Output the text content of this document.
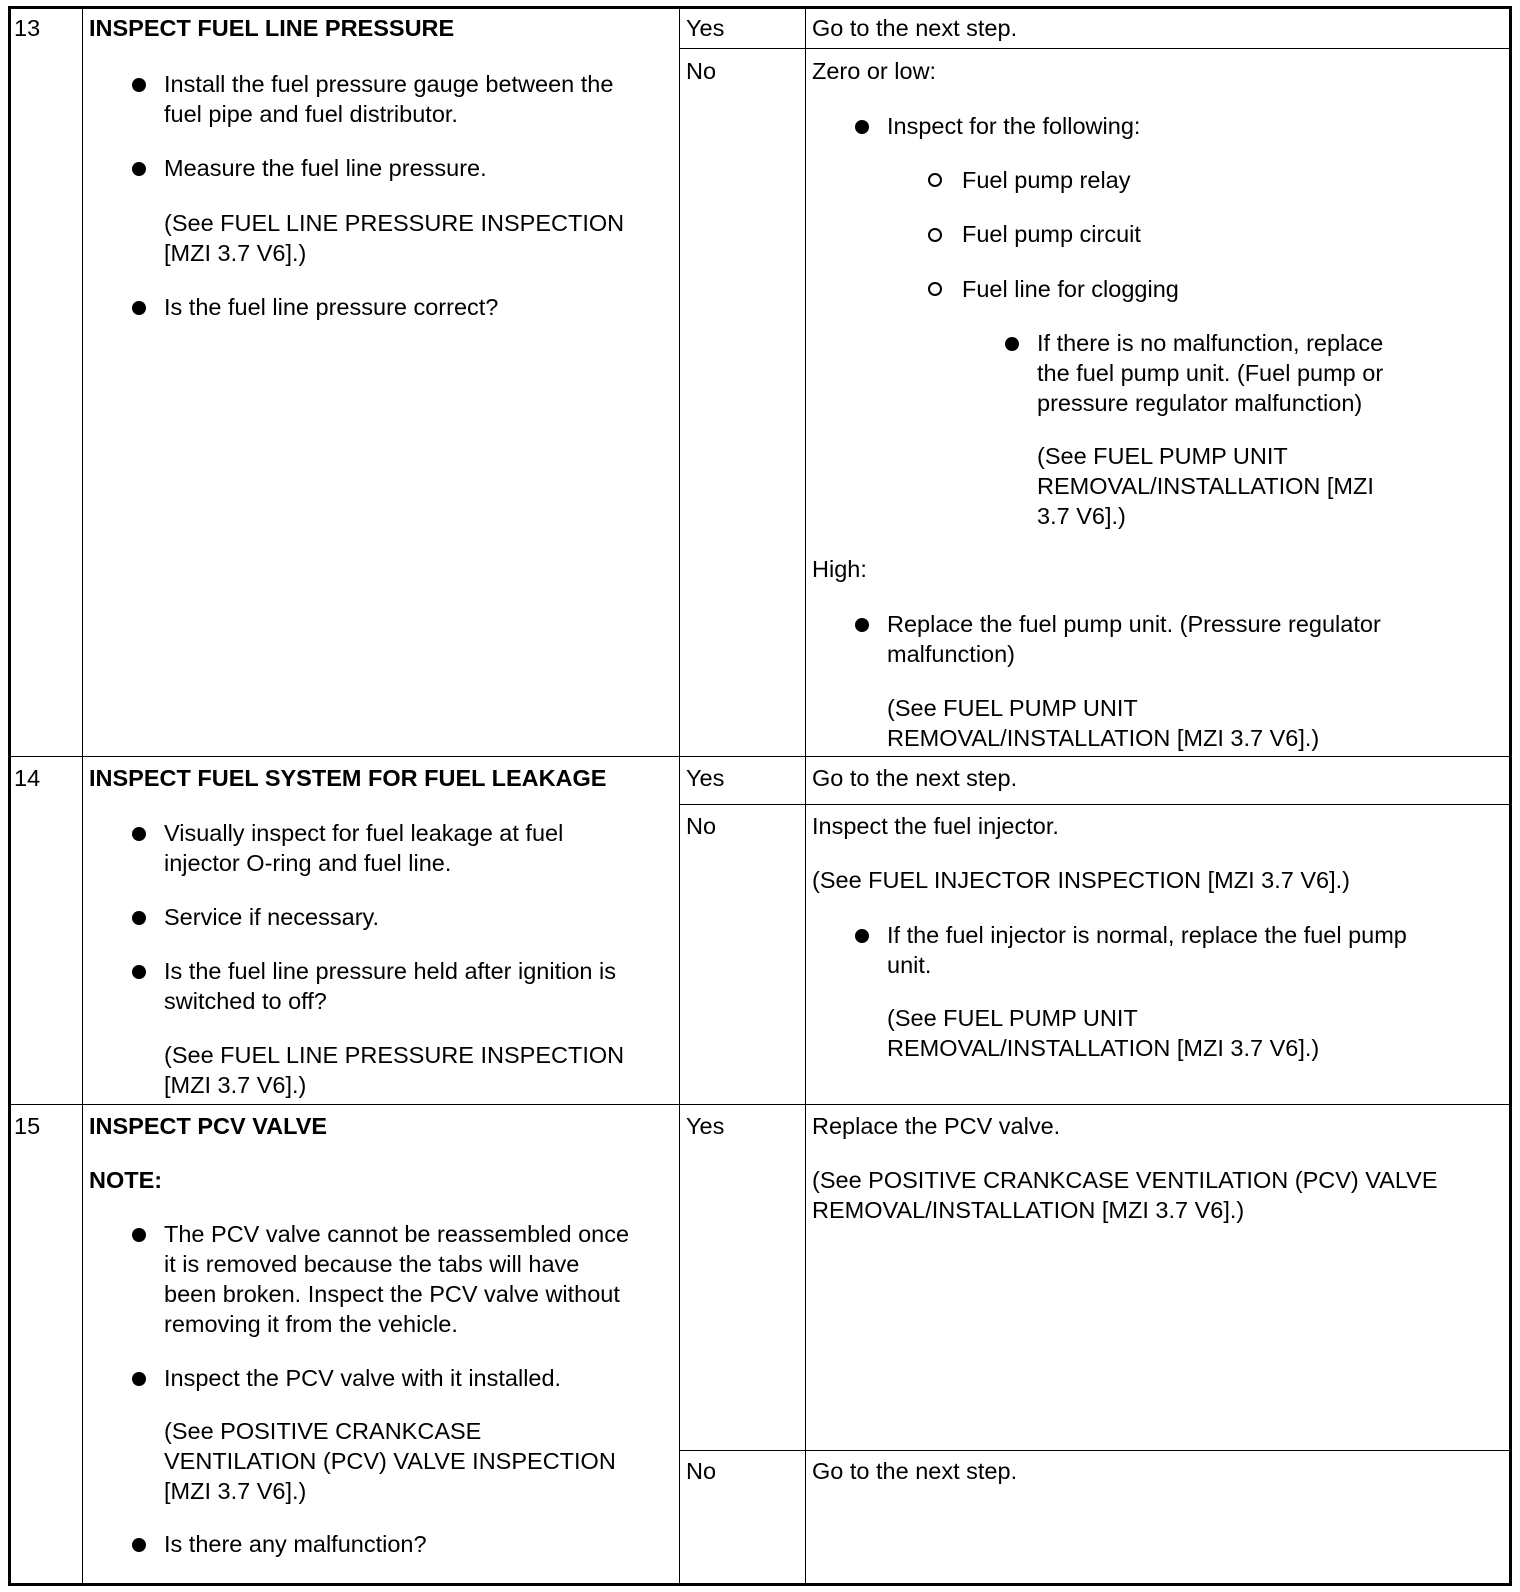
13 INSPECT FUEL LINE PRESSURE
Install the fuel pressure gauge between the
fuel pipe and fuel distributor.
Measure the fuel line pressure.
(See FUEL LINE PRESSURE INSPECTION
[MZI 3.7 V6].)
Is the fuel line pressure correct?
Yes	Go to the next step.
No	Zero or low:
Inspect for the following:
Fuel pump relay
Fuel pump circuit
Fuel line for clogging
If there is no malfunction, replace
the fuel pump unit. (Fuel pump or
pressure regulator malfunction)
(See FUEL PUMP UNIT
REMOVAL/INSTALLATION [MZI
3.7 V6].)
High:
Replace the fuel pump unit. (Pressure regulator
malfunction)
(See FUEL PUMP UNIT
REMOVAL/INSTALLATION [MZI 3.7 V6].)
14 INSPECT FUEL SYSTEM FOR FUEL LEAKAGE
Visually inspect for fuel leakage at fuel
injector O-ring and fuel line.
Service if necessary.
Is the fuel line pressure held after ignition is
switched to off?
(See FUEL LINE PRESSURE INSPECTION
[MZI 3.7 V6].)
Yes	Go to the next step.
No	Inspect the fuel injector.
(See FUEL INJECTOR INSPECTION [MZI 3.7 V6].)
If the fuel injector is normal, replace the fuel pump
unit.
(See FUEL PUMP UNIT
REMOVAL/INSTALLATION [MZI 3.7 V6].)
15 INSPECT PCV VALVE
NOTE:
The PCV valve cannot be reassembled once
it is removed because the tabs will have
been broken. Inspect the PCV valve without
removing it from the vehicle.
Inspect the PCV valve with it installed.
(See POSITIVE CRANKCASE
VENTILATION (PCV) VALVE INSPECTION
[MZI 3.7 V6].)
Is there any malfunction?
Yes	Replace the PCV valve.
(See POSITIVE CRANKCASE VENTILATION (PCV) VALVE
REMOVAL/INSTALLATION [MZI 3.7 V6].)
No	Go to the next step.
